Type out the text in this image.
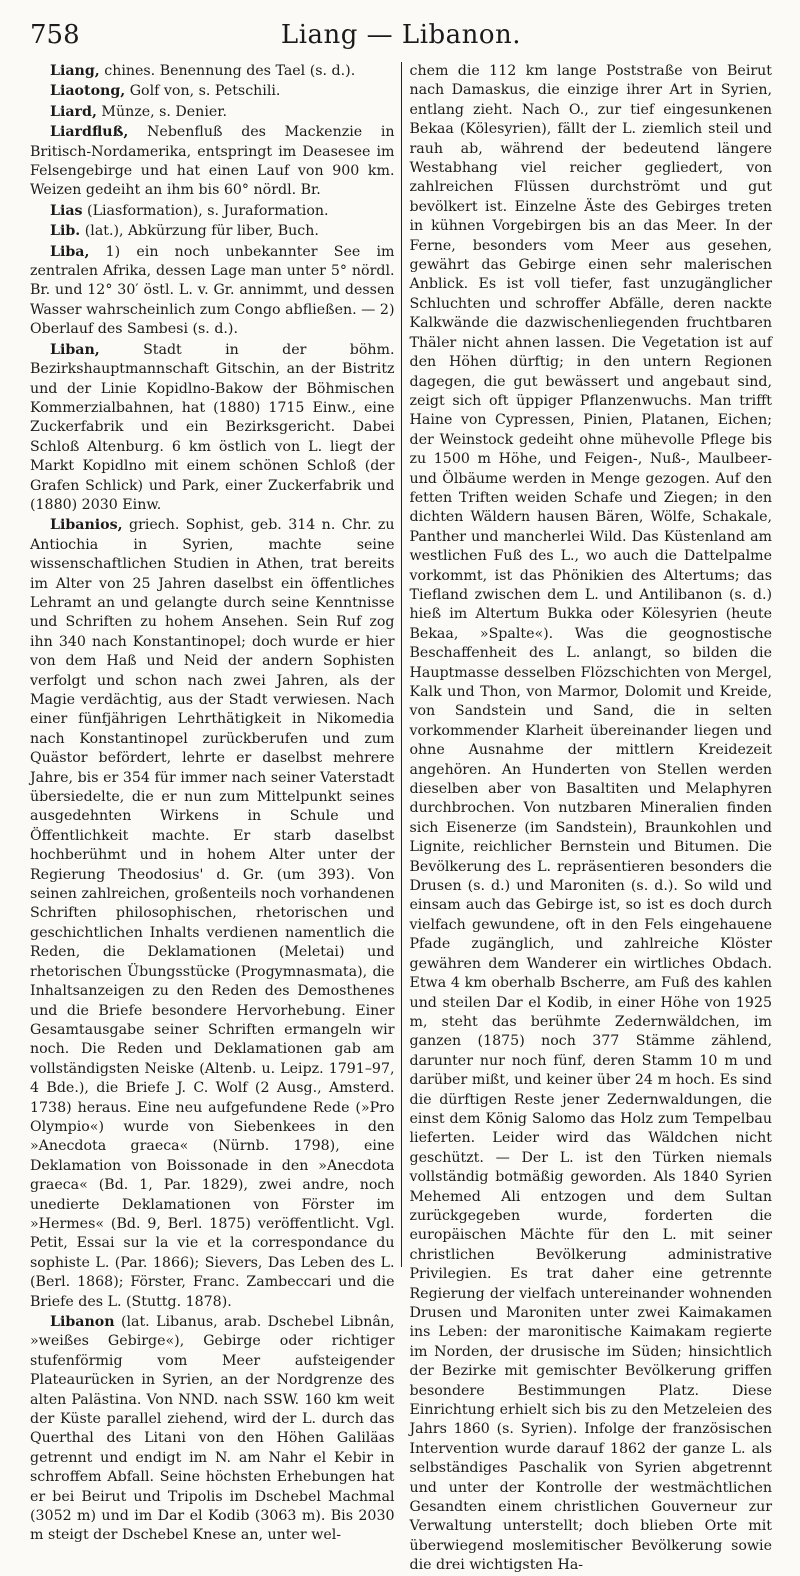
758	Liang — Libanon.

Liang, chines. Benennung des Tael (s. d.).

Liaotong, Golf von, s. Petschili.

Liard, Münze, s. Denier.

Liardfluß, Nebenfluß des Mackenzie in Britisch-Nordamerika, entspringt im Deasesee im Felsengebirge und hat einen Lauf von 900 km. Weizen gedeiht an ihm bis 60° nördl. Br.

Lias (Liasformation), s. Juraformation.

Lib. (lat.), Abkürzung für liber, Buch.

Liba, 1) ein noch unbekannter See im zentralen Afrika, dessen Lage man unter 5° nördl. Br. und 12° 30′ östl. L. v. Gr. annimmt, und dessen Wasser wahrscheinlich zum Congo abfließen. — 2) Oberlauf des Sambesi (s. d.).

Liban, Stadt in der böhm. Bezirkshauptmannschaft Gitschin, an der Bistritz und der Linie Kopidlno-Bakow der Böhmischen Kommerzialbahnen, hat (1880) 1715 Einw., eine Zuckerfabrik und ein Bezirksgericht. Dabei Schloß Altenburg. 6 km östlich von L. liegt der Markt Kopidlno mit einem schönen Schloß (der Grafen Schlick) und Park, einer Zuckerfabrik und (1880) 2030 Einw.

Libanios, griech. Sophist, geb. 314 n. Chr. zu Antiochia in Syrien, machte seine wissenschaftlichen Studien in Athen, trat bereits im Alter von 25 Jahren daselbst ein öffentliches Lehramt an und gelangte durch seine Kenntnisse und Schriften zu hohem Ansehen. Sein Ruf zog ihn 340 nach Konstantinopel; doch wurde er hier von dem Haß und Neid der andern Sophisten verfolgt und schon nach zwei Jahren, als der Magie verdächtig, aus der Stadt verwiesen. Nach einer fünfjährigen Lehrthätigkeit in Nikomedia nach Konstantinopel zurückberufen und zum Quästor befördert, lehrte er daselbst mehrere Jahre, bis er 354 für immer nach seiner Vaterstadt übersiedelte, die er nun zum Mittelpunkt seines ausgedehnten Wirkens in Schule und Öffentlichkeit machte. Er starb daselbst hochberühmt und in hohem Alter unter der Regierung Theodosius' d. Gr. (um 393). Von seinen zahlreichen, großenteils noch vorhandenen Schriften philosophischen, rhetorischen und geschichtlichen Inhalts verdienen namentlich die Reden, die Deklamationen (Meletai) und rhetorischen Übungsstücke (Progymnasmata), die Inhaltsanzeigen zu den Reden des Demosthenes und die Briefe besondere Hervorhebung. Einer Gesamtausgabe seiner Schriften ermangeln wir noch. Die Reden und Deklamationen gab am vollständigsten Neiske (Altenb. u. Leipz. 1791–97, 4 Bde.), die Briefe J. C. Wolf (2 Ausg., Amsterd. 1738) heraus. Eine neu aufgefundene Rede (»Pro Olympio«) wurde von Siebenkees in den »Anecdota graeca« (Nürnb. 1798), eine Deklamation von Boissonade in den »Anecdota graeca« (Bd. 1, Par. 1829), zwei andre, noch unedierte Deklamationen von Förster im »Hermes« (Bd. 9, Berl. 1875) veröffentlicht. Vgl. Petit, Essai sur la vie et la correspondance du sophiste L. (Par. 1866); Sievers, Das Leben des L. (Berl. 1868); Förster, Franc. Zambeccari und die Briefe des L. (Stuttg. 1878).

Libanon (lat. Libanus, arab. Dschebel Libnân, »weißes Gebirge«), Gebirge oder richtiger stufenförmig vom Meer aufsteigender Plateaurücken in Syrien, an der Nordgrenze des alten Palästina. Von NND. nach SSW. 160 km weit der Küste parallel ziehend, wird der L. durch das Querthal des Litani von den Höhen Galiläas getrennt und endigt im N. am Nahr el Kebir in schroffem Abfall. Seine höchsten Erhebungen hat er bei Beirut und Tripolis im Dschebel Machmal (3052 m) und im Dar el Kodib (3063 m). Bis 2030 m steigt der Dschebel Knese an, unter wel-

chem die 112 km lange Poststraße von Beirut nach Damaskus, die einzige ihrer Art in Syrien, entlang zieht. Nach O., zur tief eingesunkenen Bekaa (Kölesyrien), fällt der L. ziemlich steil und rauh ab, während der bedeutend längere Westabhang viel reicher gegliedert, von zahlreichen Flüssen durchströmt und gut bevölkert ist. Einzelne Äste des Gebirges treten in kühnen Vorgebirgen bis an das Meer. In der Ferne, besonders vom Meer aus gesehen, gewährt das Gebirge einen sehr malerischen Anblick. Es ist voll tiefer, fast unzugänglicher Schluchten und schroffer Abfälle, deren nackte Kalkwände die dazwischenliegenden fruchtbaren Thäler nicht ahnen lassen. Die Vegetation ist auf den Höhen dürftig; in den untern Regionen dagegen, die gut bewässert und angebaut sind, zeigt sich oft üppiger Pflanzenwuchs. Man trifft Haine von Cypressen, Pinien, Platanen, Eichen; der Weinstock gedeiht ohne mühevolle Pflege bis zu 1500 m Höhe, und Feigen-, Nuß-, Maulbeer- und Ölbäume werden in Menge gezogen. Auf den fetten Triften weiden Schafe und Ziegen; in den dichten Wäldern hausen Bären, Wölfe, Schakale, Panther und mancherlei Wild. Das Küstenland am westlichen Fuß des L., wo auch die Dattelpalme vorkommt, ist das Phönikien des Altertums; das Tiefland zwischen dem L. und Antilibanon (s. d.) hieß im Altertum Bukka oder Kölesyrien (heute Bekaa, »Spalte«). Was die geognostische Beschaffenheit des L. anlangt, so bilden die Hauptmasse desselben Flözschichten von Mergel, Kalk und Thon, von Marmor, Dolomit und Kreide, von Sandstein und Sand, die in selten vorkommender Klarheit übereinander liegen und ohne Ausnahme der mittlern Kreidezeit angehören. An Hunderten von Stellen werden dieselben aber von Basaltiten und Melaphyren durchbrochen. Von nutzbaren Mineralien finden sich Eisenerze (im Sandstein), Braunkohlen und Lignite, reichlicher Bernstein und Bitumen. Die Bevölkerung des L. repräsentieren besonders die Drusen (s. d.) und Maroniten (s. d.). So wild und einsam auch das Gebirge ist, so ist es doch durch vielfach gewundene, oft in den Fels eingehauene Pfade zugänglich, und zahlreiche Klöster gewähren dem Wanderer ein wirtliches Obdach. Etwa 4 km oberhalb Bscherre, am Fuß des kahlen und steilen Dar el Kodib, in einer Höhe von 1925 m, steht das berühmte Zedernwäldchen, im ganzen (1875) noch 377 Stämme zählend, darunter nur noch fünf, deren Stamm 10 m und darüber mißt, und keiner über 24 m hoch. Es sind die dürftigen Reste jener Zedernwaldungen, die einst dem König Salomo das Holz zum Tempelbau lieferten. Leider wird das Wäldchen nicht geschützt. — Der L. ist den Türken niemals vollständig botmäßig geworden. Als 1840 Syrien Mehemed Ali entzogen und dem Sultan zurückgegeben wurde, forderten die europäischen Mächte für den L. mit seiner christlichen Bevölkerung administrative Privilegien. Es trat daher eine getrennte Regierung der vielfach untereinander wohnenden Drusen und Maroniten unter zwei Kaimakamen ins Leben: der maronitische Kaimakam regierte im Norden, der drusische im Süden; hinsichtlich der Bezirke mit gemischter Bevölkerung griffen besondere Bestimmungen Platz. Diese Einrichtung erhielt sich bis zu den Metzeleien des Jahrs 1860 (s. Syrien). Infolge der französischen Intervention wurde darauf 1862 der ganze L. als selbständiges Paschalik von Syrien abgetrennt und unter der Kontrolle der westmächtlichen Gesandten einem christlichen Gouverneur zur Verwaltung unterstellt; doch blieben Orte mit überwiegend moslemitischer Bevölkerung sowie die drei wichtigsten Ha-
